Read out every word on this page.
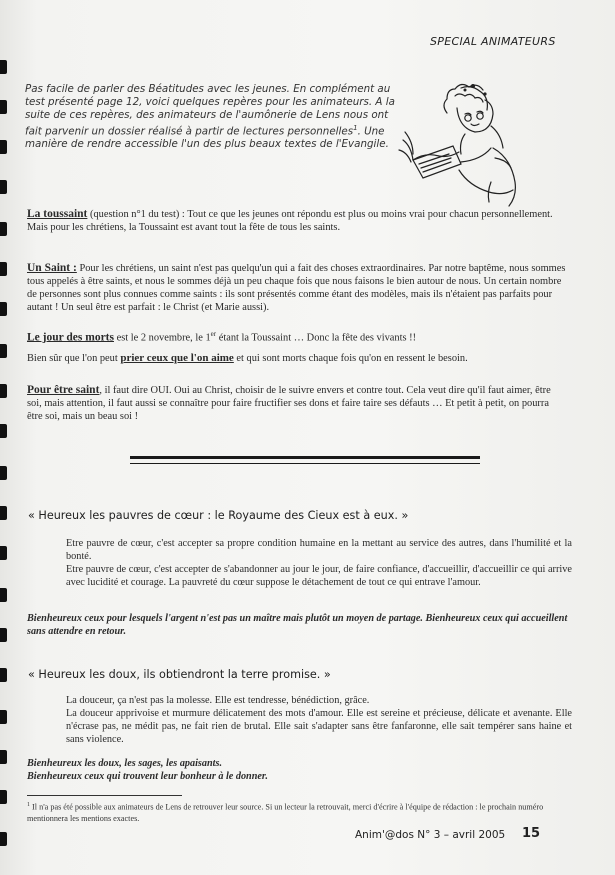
SPECIAL ANIMATEURS
Pas facile de parler des Béatitudes avec les jeunes. En complément au test présenté page 12, voici quelques repères pour les animateurs. A la suite de ces repères, des animateurs de l'aumônerie de Lens nous ont fait parvenir un dossier réalisé à partir de lectures personnelles$^1$. Une manière de rendre accessible l'un des plus beaux textes de l'Evangile.
La toussaint (question n°1 du test) : Tout ce que les jeunes ont répondu est plus ou moins vrai pour chacun personnellement. Mais pour les chrétiens, la Toussaint est avant tout la fête de tous les saints.
Un Saint : Pour les chrétiens, un saint n'est pas quelqu'un qui a fait des choses extraordinaires. Par notre baptême, nous sommes tous appelés à être saints, et nous le sommes déjà un peu chaque fois que nous faisons le bien autour de nous. Un certain nombre de personnes sont plus connues comme saints : ils sont présentés comme étant des modèles, mais ils n'étaient pas parfaits pour autant ! Un seul être est parfait : le Christ (et Marie aussi).
Le jour des morts est le 2 novembre, le 1er étant la Toussaint … Donc la fête des vivants !!
Bien sûr que l'on peut prier ceux que l'on aime et qui sont morts chaque fois qu'on en ressent le besoin.
Pour être saint, il faut dire OUI. Oui au Christ, choisir de le suivre envers et contre tout. Cela veut dire qu'il faut aimer, être soi, mais attention, il faut aussi se connaître pour faire fructifier ses dons et faire taire ses défauts … Et petit à petit, on pourra être soi, mais un beau soi !
« Heureux les pauvres de cœur : le Royaume des Cieux est à eux. »

Etre pauvre de cœur, c'est accepter sa propre condition humaine en la mettant au service des autres, dans l'humilité et la bonté.

Etre pauvre de cœur, c'est accepter de s'abandonner au jour le jour, de faire confiance, d'accueillir, d'accueillir ce qui arrive avec lucidité et courage. La pauvreté du cœur suppose le détachement de tout ce qui entrave l'amour.

Bienheureux ceux pour lesquels l'argent n'est pas un maître mais plutôt un moyen de partage. Bienheureux ceux qui accueillent sans attendre en retour.

« Heureux les doux, ils obtiendront la terre promise. »

La douceur, ça n'est pas la molesse. Elle est tendresse, bénédiction, grâce.

La douceur apprivoise et murmure délicatement des mots d'amour. Elle est sereine et précieuse, délicate et avenante. Elle n'écrase pas, ne médit pas, ne fait rien de brutal. Elle sait s'adapter sans être fanfaronne, elle sait tempérer sans haine et sans violence.

Bienheureux les doux, les sages, les apaisants.

Bienheureux ceux qui trouvent leur bonheur à le donner.

$^1$ Il n'a pas été possible aux animateurs de Lens de retrouver leur source. Si un lecteur la retrouvait, merci d'écrire à l'équipe de rédaction : le prochain numéro mentionnera les mentions exactes.
Anim'@dos N° 3 – avril 2005 15
